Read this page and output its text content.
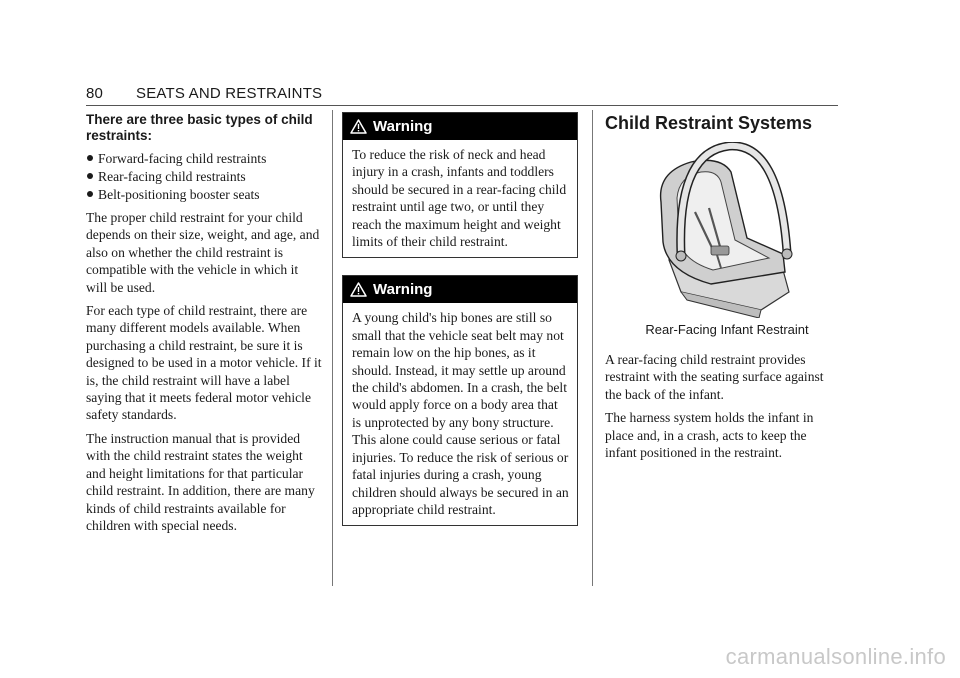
80 SEATS AND RESTRAINTS

There are three basic types of child restraints:

Forward-facing child restraints
Rear-facing child restraints
Belt-positioning booster seats

The proper child restraint for your child depends on their size, weight, and age, and also on whether the child restraint is compatible with the vehicle in which it will be used.

For each type of child restraint, there are many different models available. When purchasing a child restraint, be sure it is designed to be used in a motor vehicle. If it is, the child restraint will have a label saying that it meets federal motor vehicle safety standards.

The instruction manual that is provided with the child restraint states the weight and height limitations for that particular child restraint. In addition, there are many kinds of child restraints available for children with special needs.

Warning
To reduce the risk of neck and head injury in a crash, infants and toddlers should be secured in a rear-facing child restraint until age two, or until they reach the maximum height and weight limits of their child restraint.
Warning
A young child's hip bones are still so small that the vehicle seat belt may not remain low on the hip bones, as it should. Instead, it may settle up around the child's abdomen. In a crash, the belt would apply force on a body area that is unprotected by any bony structure. This alone could cause serious or fatal injuries. To reduce the risk of serious or fatal injuries during a crash, young children should always be secured in an appropriate child restraint.
Child Restraint Systems
Rear-Facing Infant Restraint

A rear-facing child restraint provides restraint with the seating surface against the back of the infant.

The harness system holds the infant in place and, in a crash, acts to keep the infant positioned in the restraint.

carmanualsonline.info
